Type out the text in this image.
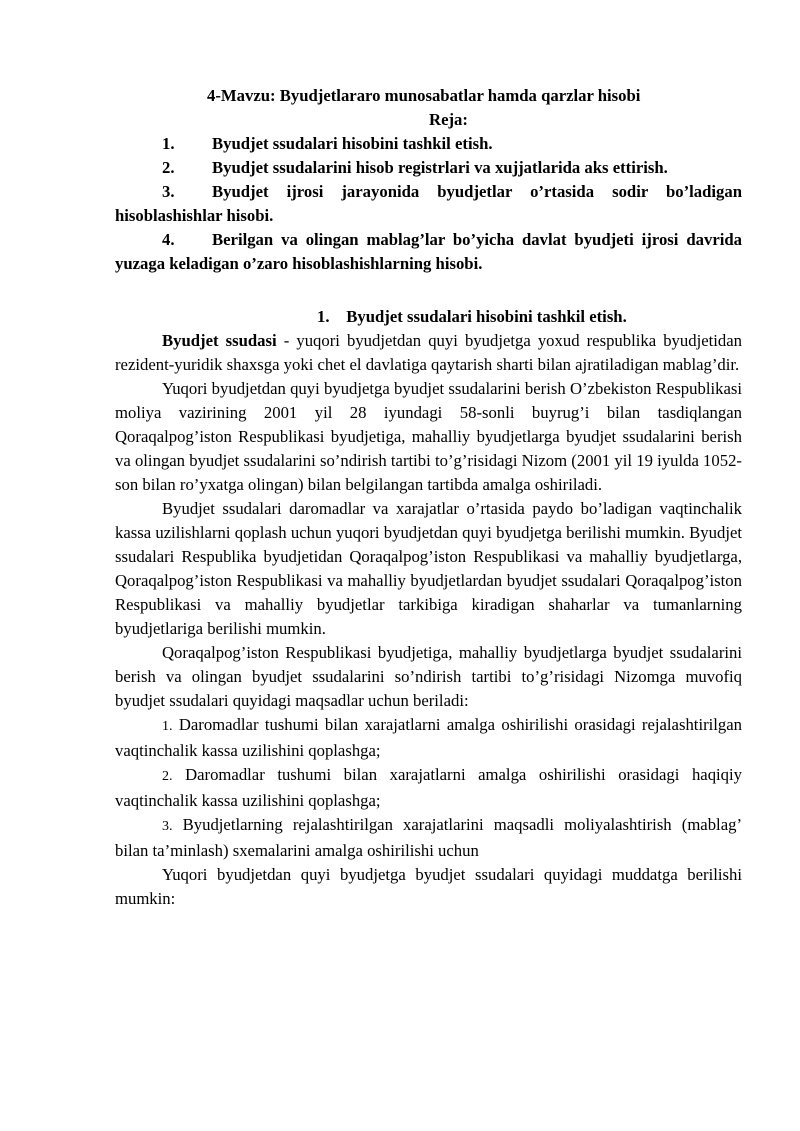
4-Mavzu: Byudjetlararo munosabatlar hamda qarzlar hisobi

Reja:

1. Byudjet ssudalari hisobini tashkil etish.

2. Byudjet ssudalarini hisob registrlari va xujjatlarida aks ettirish.

3. Byudjet ijrosi jarayonida byudjetlar o’rtasida sodir bo’ladigan hisoblashishlar hisobi.

4. Berilgan va olingan mablag’lar bo’yicha davlat byudjeti ijrosi davrida yuzaga keladigan o’zaro hisoblashishlarning hisobi.

1. Byudjet ssudalari hisobini tashkil etish.

Byudjet ssudasi - yuqori byudjetdan quyi byudjetga yoxud respublika byudjetidan rezident-yuridik shaxsga yoki chet el davlatiga qaytarish sharti bilan ajratiladigan mablag’dir.

Yuqori byudjetdan quyi byudjetga byudjet ssudalarini berish O’zbekiston Respublikasi moliya vazirining 2001 yil 28 iyundagi 58-sonli buyrug’i bilan tasdiqlangan Qoraqalpog’iston Respublikasi byudjetiga, mahalliy byudjetlarga byudjet ssudalarini berish va olingan byudjet ssudalarini so’ndirish tartibi to’g’risidagi Nizom (2001 yil 19 iyulda 1052-son bilan ro’yxatga olingan) bilan belgilangan tartibda amalga oshiriladi.

Byudjet ssudalari daromadlar va xarajatlar o’rtasida paydo bo’ladigan vaqtinchalik kassa uzilishlarni qoplash uchun yuqori byudjetdan quyi byudjetga berilishi mumkin. Byudjet ssudalari Respublika byudjetidan Qoraqalpog’iston Respublikasi va mahalliy byudjetlarga, Qoraqalpog’iston Respublikasi va mahalliy byudjetlardan byudjet ssudalari Qoraqalpog’iston Respublikasi va mahalliy byudjetlar tarkibiga kiradigan shaharlar va tumanlarning byudjetlariga berilishi mumkin.

Qoraqalpog’iston Respublikasi byudjetiga, mahalliy byudjetlarga byudjet ssudalarini berish va olingan byudjet ssudalarini so’ndirish tartibi to’g’risidagi Nizomga muvofiq byudjet ssudalari quyidagi maqsadlar uchun beriladi:

1. Daromadlar tushumi bilan xarajatlarni amalga oshirilishi orasidagi rejalashtirilgan vaqtinchalik kassa uzilishini qoplashga;

2. Daromadlar tushumi bilan xarajatlarni amalga oshirilishi orasidagi haqiqiy vaqtinchalik kassa uzilishini qoplashga;

3. Byudjetlarning rejalashtirilgan xarajatlarini maqsadli moliyalashtirish (mablag’ bilan ta’minlash) sxemalarini amalga oshirilishi uchun

Yuqori byudjetdan quyi byudjetga byudjet ssudalari quyidagi muddatga berilishi mumkin:
